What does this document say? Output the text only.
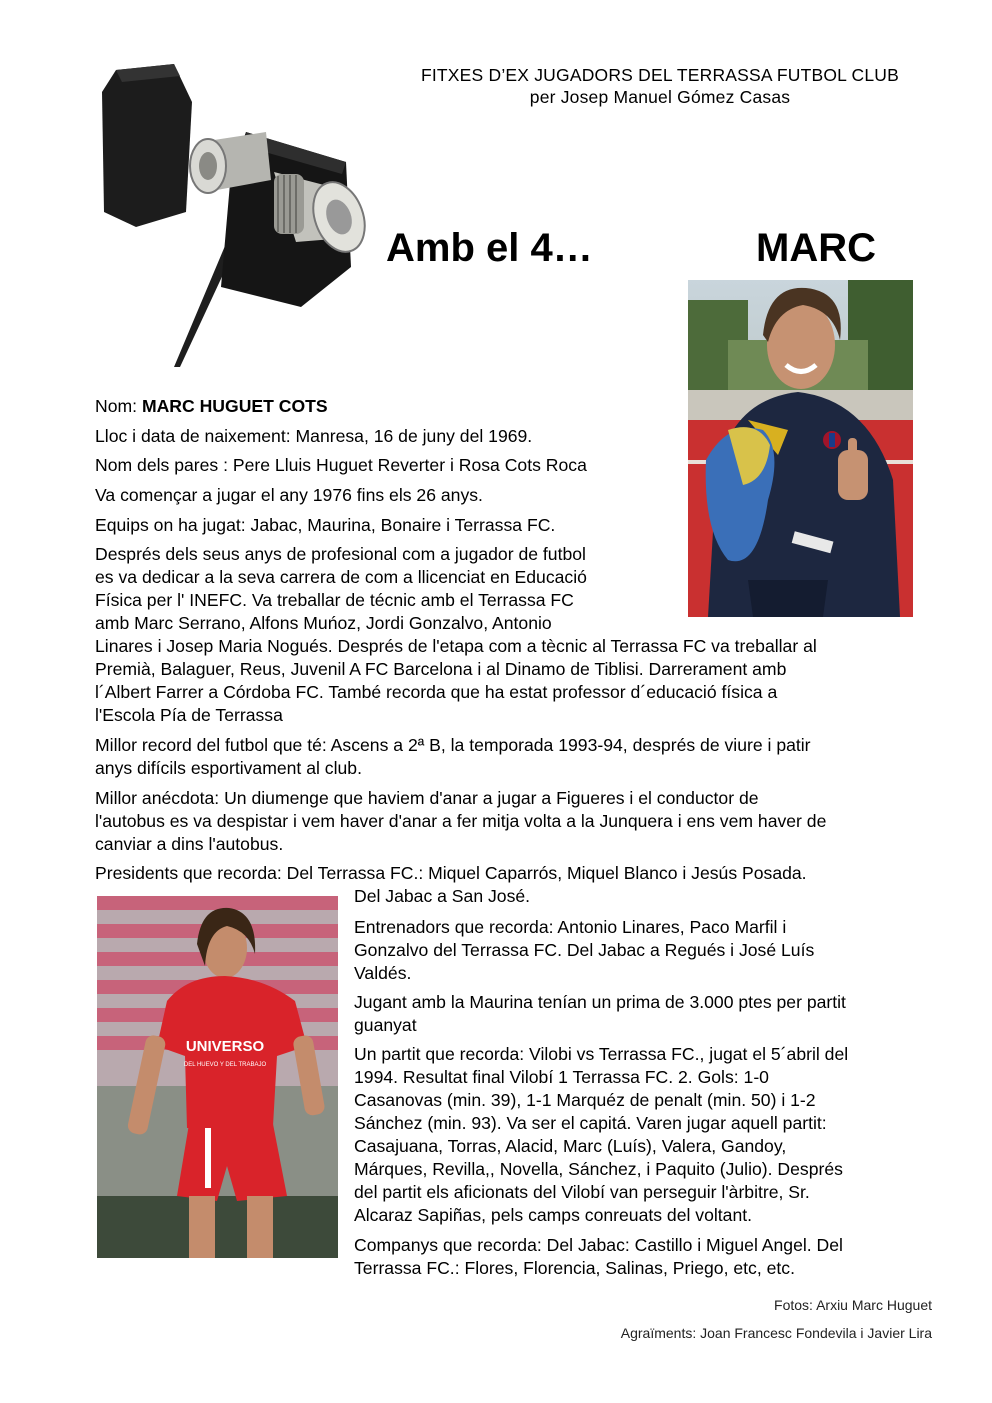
FITXES D’EX JUGADORS DEL TERRASSA FUTBOL CLUB
per Josep Manuel Gómez Casas
Amb el 4…	MARC
Nom: MARC HUGUET COTS
Lloc i data de naixement: Manresa, 16 de juny del 1969.
Nom dels pares : Pere Lluis Huguet Reverter i Rosa Cots Roca
Va començar a jugar el any 1976 fins els 26 anys.
Equips on ha jugat: Jabac, Maurina, Bonaire i Terrassa FC.
Després dels seus anys de profesional com a jugador de futbol
es va dedicar a la seva carrera de com a llicenciat en Educació
Física per l' INEFC. Va treballar de técnic amb el Terrassa FC
amb Marc Serrano, Alfons Muńoz, Jordi Gonzalvo, Antonio
Linares i Josep Maria Nogués. Després de l'etapa com a tècnic al Terrassa FC va treballar al
Premià, Balaguer, Reus, Juvenil A FC Barcelona i al Dinamo de Tiblisi. Darrerament amb
l´Albert Farrer a Córdoba FC. També recorda que ha estat professor d´educació física a
l'Escola Pía de Terrassa
Millor record del futbol que té: Ascens a 2ª B, la temporada 1993-94, després de viure i patir
anys difícils esportivament al club.
Millor anécdota: Un diumenge que haviem d'anar a jugar a Figueres i el conductor de
l'autobus es va despistar i vem haver d'anar a fer mitja volta a la Junquera i ens vem haver de
canviar a dins l'autobus.
Presidents que recorda: Del Terrassa FC.: Miquel Caparrós, Miquel Blanco i Jesús Posada.
Del Jabac a San José.
UNIVERSO
DEL HUEVO Y DEL TRABAJO
Entrenadors que recorda: Antonio Linares, Paco Marfil i
Gonzalvo del Terrassa FC. Del Jabac a Regués i José Luís
Valdés.
Jugant amb la Maurina tenían un prima de 3.000 ptes per partit
guanyat
Un partit que recorda: Vilobi vs Terrassa FC., jugat el 5´abril del
1994. Resultat final Vilobí 1 Terrassa FC. 2. Gols: 1-0
Casanovas (min. 39), 1-1 Marquéz de penalt (min. 50) i 1-2
Sánchez (min. 93). Va ser el capitá. Varen jugar aquell partit:
Casajuana, Torras, Alacid, Marc (Luís), Valera, Gandoy,
Márques, Revilla,, Novella, Sánchez, i Paquito (Julio). Després
del partit els aficionats del Vilobí van perseguir l'àrbitre, Sr.
Alcaraz Sapiñas, pels camps conreuats del voltant.
Companys que recorda: Del Jabac: Castillo i Miguel Angel. Del
Terrassa FC.: Flores, Florencia, Salinas, Priego, etc, etc.
Fotos: Arxiu Marc Huguet
Agraïments: Joan Francesc Fondevila i Javier Lira
